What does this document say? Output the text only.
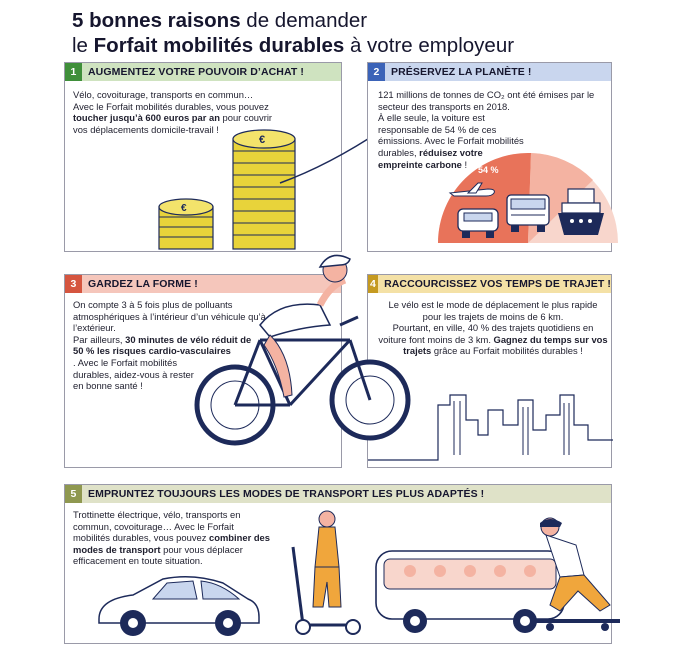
5 bonnes raisons de demander
le Forfait mobilités durables à votre employeur
1	AUGMENTEZ VOTRE POUVOIR D’ACHAT !
Vélo, covoiturage, transports en commun… Avec le Forfait mobilités durables, vous pouvez toucher jusqu’à 600 euros par an pour couvrir vos déplacements domicile-travail !
€
€
2	PRÉSERVEZ LA PLANÈTE !
121 millions de tonnes de CO₂ ont été émises par le secteur des transports en 2018.
À elle seule, la voiture est responsable de 54 % de ces émissions. Avec le Forfait mobilités durables, réduisez votre empreinte carbone !
54 %
3	GARDEZ LA FORME !
On compte 3 à 5 fois plus de polluants atmosphériques à l’intérieur d’un véhicule qu’à l’extérieur.
Par ailleurs, 30 minutes de vélo réduit de 50 % les risques cardio-vasculaires
. Avec le Forfait mobilités durables, aidez-vous à rester en bonne santé !
4 RACCOURCISSEZ VOS TEMPS DE TRAJET !
Le vélo est le mode de déplacement le plus rapide pour les trajets de moins de 6 km.
Pourtant, en ville, 40 % des trajets quotidiens en voiture font moins de 3 km. Gagnez du temps sur vos trajets grâce au Forfait mobilités durables !
5	EMPRUNTEZ TOUJOURS LES MODES DE TRANSPORT LES PLUS ADAPTÉS !
Trottinette électrique, vélo, transports en commun, covoiturage… Avec le Forfait mobilités durables, vous pouvez combiner des modes de transport pour vous déplacer efficacement en toute situation.
